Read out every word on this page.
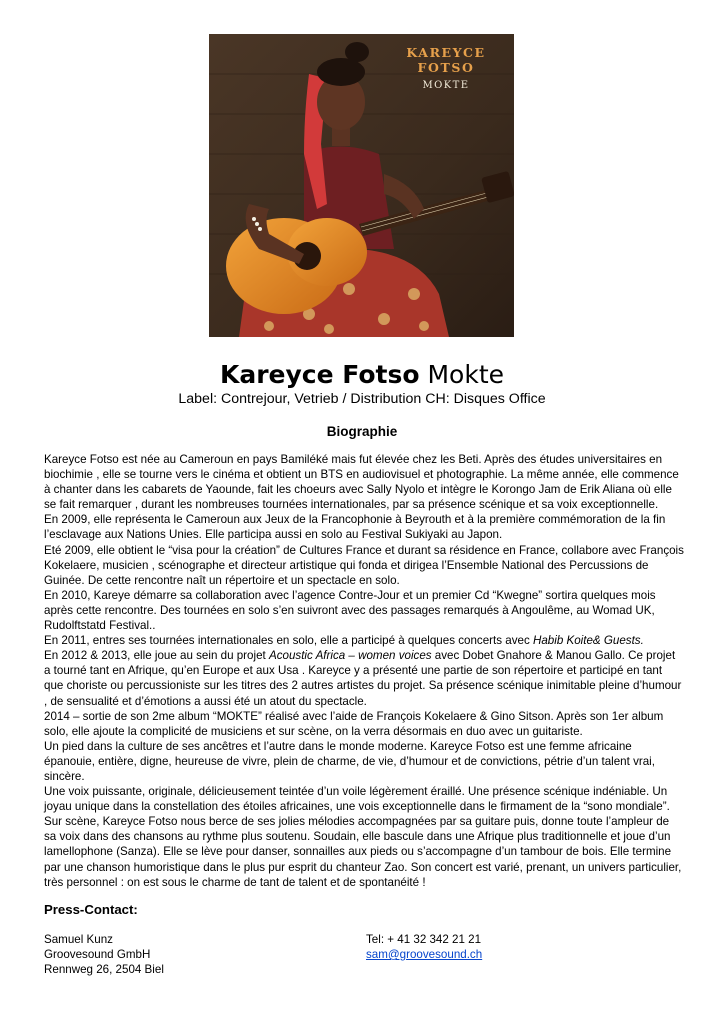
KAREYCE FOTSO
MOKTE
Kareyce Fotso Mokte
Label: Contrejour, Vetrieb / Distribution CH: Disques Office
Biographie

Kareyce Fotso est née au Cameroun en pays Bamiléké mais fut élevée chez les Beti. Après des études universitaires en biochimie , elle se tourne vers le cinéma et obtient un BTS en audiovisuel et photographie. La même année, elle commence à chanter dans les cabarets de Yaounde, fait les choeurs avec Sally Nyolo et intègre le Korongo Jam de Erik Aliana où elle se fait remarquer , durant les nombreuses tournées internationales, par sa présence scénique et sa voix exceptionnelle.

En 2009, elle représenta le Cameroun aux Jeux de la Francophonie à Beyrouth et à la première commémoration de la fin l’esclavage aux Nations Unies. Elle participa aussi en solo au Festival Sukiyaki au Japon.

Eté 2009, elle obtient le “visa pour la création” de Cultures France et durant sa résidence en France, collabore avec François Kokelaere, musicien , scénographe et directeur artistique qui fonda et dirigea l’Ensemble National des Percussions de Guinée. De cette rencontre naît un répertoire et un spectacle en solo.

En 2010, Kareye démarre sa collaboration avec l’agence Contre-Jour et un premier Cd “Kwegne” sortira quelques mois après cette rencontre. Des tournées en solo s’en suivront avec des passages remarqués à Angoulême, au Womad UK, Rudolftstatd Festival..

En 2011, entres ses tournées internationales en solo, elle a participé à quelques concerts avec Habib Koite& Guests.

En 2012 & 2013, elle joue au sein du projet Acoustic Africa – women voices avec Dobet Gnahore & Manou Gallo. Ce projet a tourné tant en Afrique, qu’en Europe et aux Usa . Kareyce y a présenté une partie de son répertoire et participé en tant que choriste ou percussioniste sur les titres des 2 autres artistes du projet. Sa présence scénique inimitable pleine d’humour , de sensualité et d’émotions a aussi été un atout du spectacle.

2014 – sortie de son 2me album “MOKTE” réalisé avec l’aide de François Kokelaere & Gino Sitson. Après son 1er album solo, elle ajoute la complicité de musiciens et sur scène, on la verra désormais en duo avec un guitariste.

Un pied dans la culture de ses ancêtres et l’autre dans le monde moderne. Kareyce Fotso est une femme africaine épanouie, entière, digne, heureuse de vivre, plein de charme, de vie, d’humour et de convictions, pétrie d’un talent vrai, sincère.

Une voix puissante, originale, délicieusement teintée d’un voile légèrement éraillé. Une présence scénique indéniable. Un joyau unique dans la constellation des étoiles africaines, une vois exceptionnelle dans le firmament de la “sono mondiale”.

Sur scène, Kareyce Fotso nous berce de ses jolies mélodies accompagnées par sa guitare puis, donne toute l’ampleur de sa voix dans des chansons au rythme plus soutenu. Soudain, elle bascule dans une Afrique plus traditionnelle et joue d’un lamellophone (Sanza). Elle se lève pour danser, sonnailles aux pieds ou s’accompagne d’un tambour de bois. Elle termine par une chanson humoristique dans le plus pur esprit du chanteur Zao. Son concert est varié, prenant, un univers particulier, très personnel : on est sous le charme de tant de talent et de spontanéité !

Press-Contact:
Samuel Kunz
Groovesound GmbH
Rennweg 26, 2504 Biel
Tel: + 41 32 342 21 21
sam@groovesound.ch
